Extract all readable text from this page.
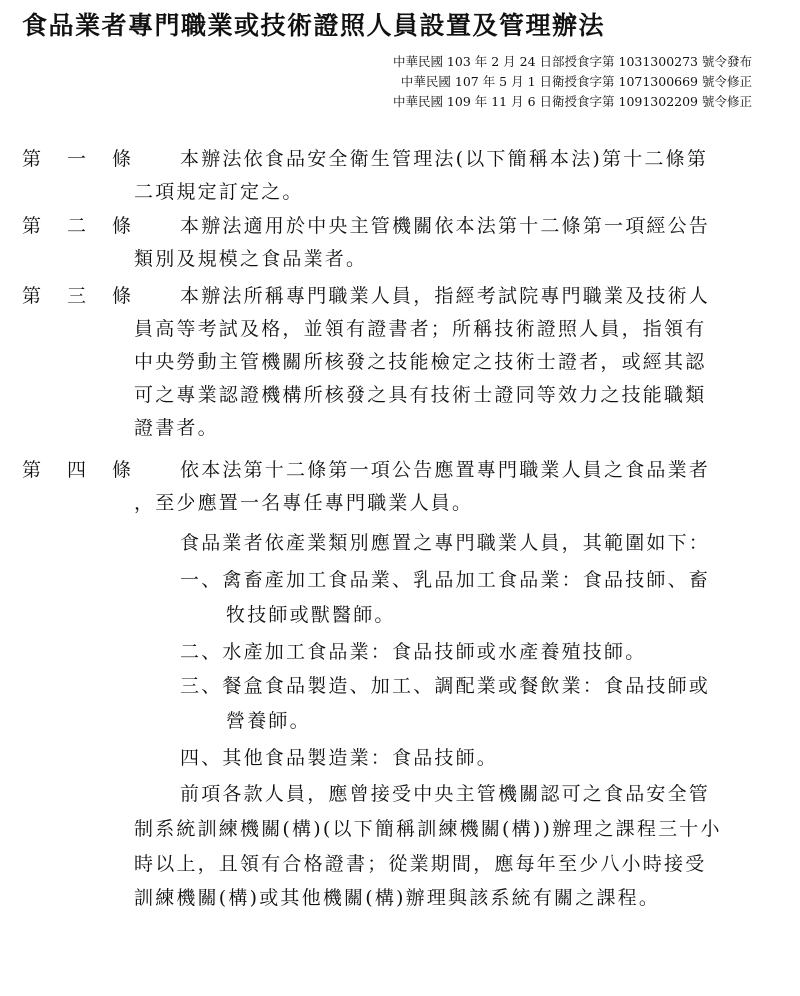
食品業者專門職業或技術證照人員設置及管理辦法
中華民國 103 年 2 月 24 日部授食字第 1031300273 號令發布
中華民國 107 年 5 月 1 日衛授食字第 1071300669 號令修正
中華民國 109 年 11 月 6 日衛授食字第 1091302209 號令修正
第 一 條	本辦法依食品安全衛生管理法(以下簡稱本法)第十二條第
二項規定訂定之。
第 二 條	本辦法適用於中央主管機關依本法第十二條第一項經公告
類別及規模之食品業者。
第 三 條	本辦法所稱專門職業人員，指經考試院專門職業及技術人
員高等考試及格，並領有證書者；所稱技術證照人員，指領有
中央勞動主管機關所核發之技能檢定之技術士證者，或經其認
可之專業認證機構所核發之具有技術士證同等效力之技能職類
證書者。
第 四 條	依本法第十二條第一項公告應置專門職業人員之食品業者
，至少應置一名專任專門職業人員。
食品業者依產業類別應置之專門職業人員，其範圍如下：
一、禽畜產加工食品業、乳品加工食品業：食品技師、畜
牧技師或獸醫師。
二、水產加工食品業：食品技師或水產養殖技師。
三、餐盒食品製造、加工、調配業或餐飲業：食品技師或
營養師。
四、其他食品製造業：食品技師。
前項各款人員，應曾接受中央主管機關認可之食品安全管
制系統訓練機關(構)(以下簡稱訓練機關(構))辦理之課程三十小
時以上，且領有合格證書；從業期間，應每年至少八小時接受
訓練機關(構)或其他機關(構)辦理與該系統有關之課程。
